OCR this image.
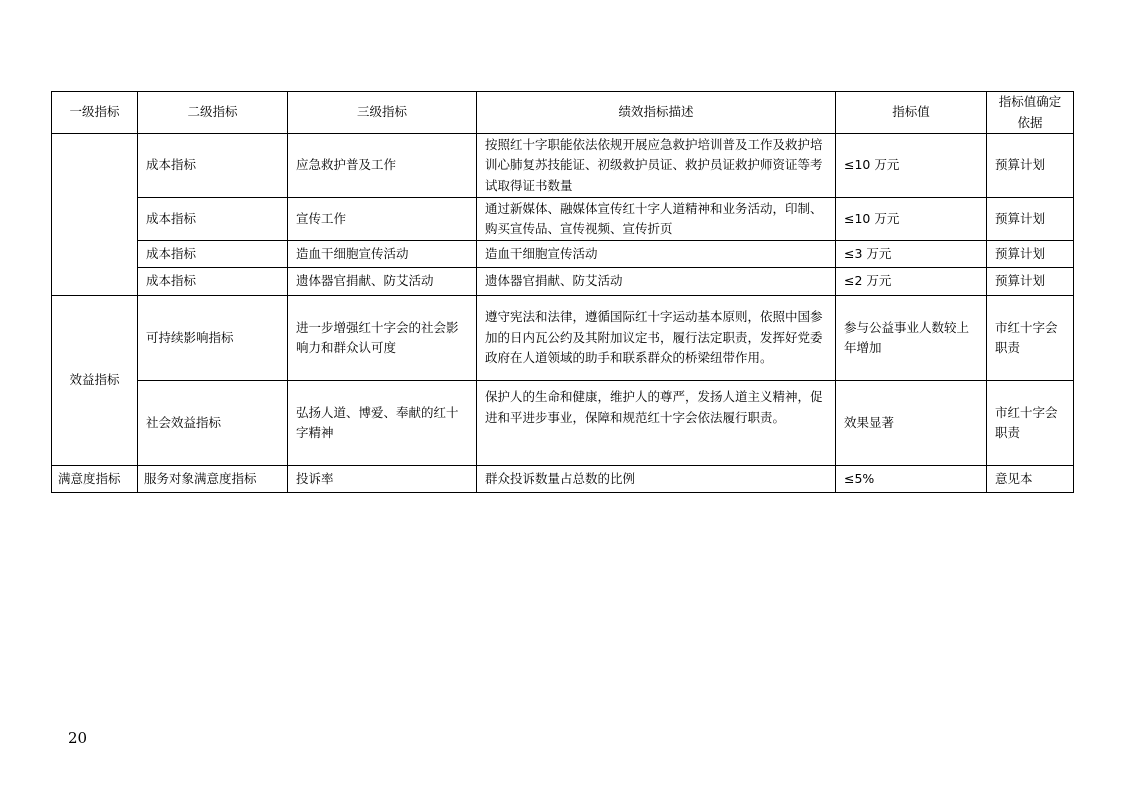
一级指标	二级指标	三级指标	绩效指标描述	指标值	指标值确定依据
	成本指标	应急救护普及工作	按照红十字职能依法依规开展应急救护培训普及工作及救护培训心肺复苏技能证、初级救护员证、救护员证救护师资证等考试取得证书数量	≤10 万元	预算计划
	成本指标	宣传工作	通过新媒体、融媒体宣传红十字人道精神和业务活动，印制、购买宣传品、宣传视频、宣传折页	≤10 万元	预算计划
	成本指标	造血干细胞宣传活动	造血干细胞宣传活动	≤3 万元	预算计划
	成本指标	遗体器官捐献、防艾活动	遗体器官捐献、防艾活动	≤2 万元	预算计划
效益指标	可持续影响指标	进一步增强红十字会的社会影响力和群众认可度	遵守宪法和法律，遵循国际红十字运动基本原则，依照中国参加的日内瓦公约及其附加议定书，履行法定职责，发挥好党委政府在人道领域的助手和联系群众的桥梁纽带作用。	参与公益事业人数较上年增加	市红十字会职责
	社会效益指标	弘扬人道、博爱、奉献的红十字精神	保护人的生命和健康，维护人的尊严，发扬人道主义精神，促进和平进步事业，保障和规范红十字会依法履行职责。	效果显著	市红十字会职责
满意度指标	服务对象满意度指标	投诉率	群众投诉数量占总数的比例	≤5%	意见本
20
